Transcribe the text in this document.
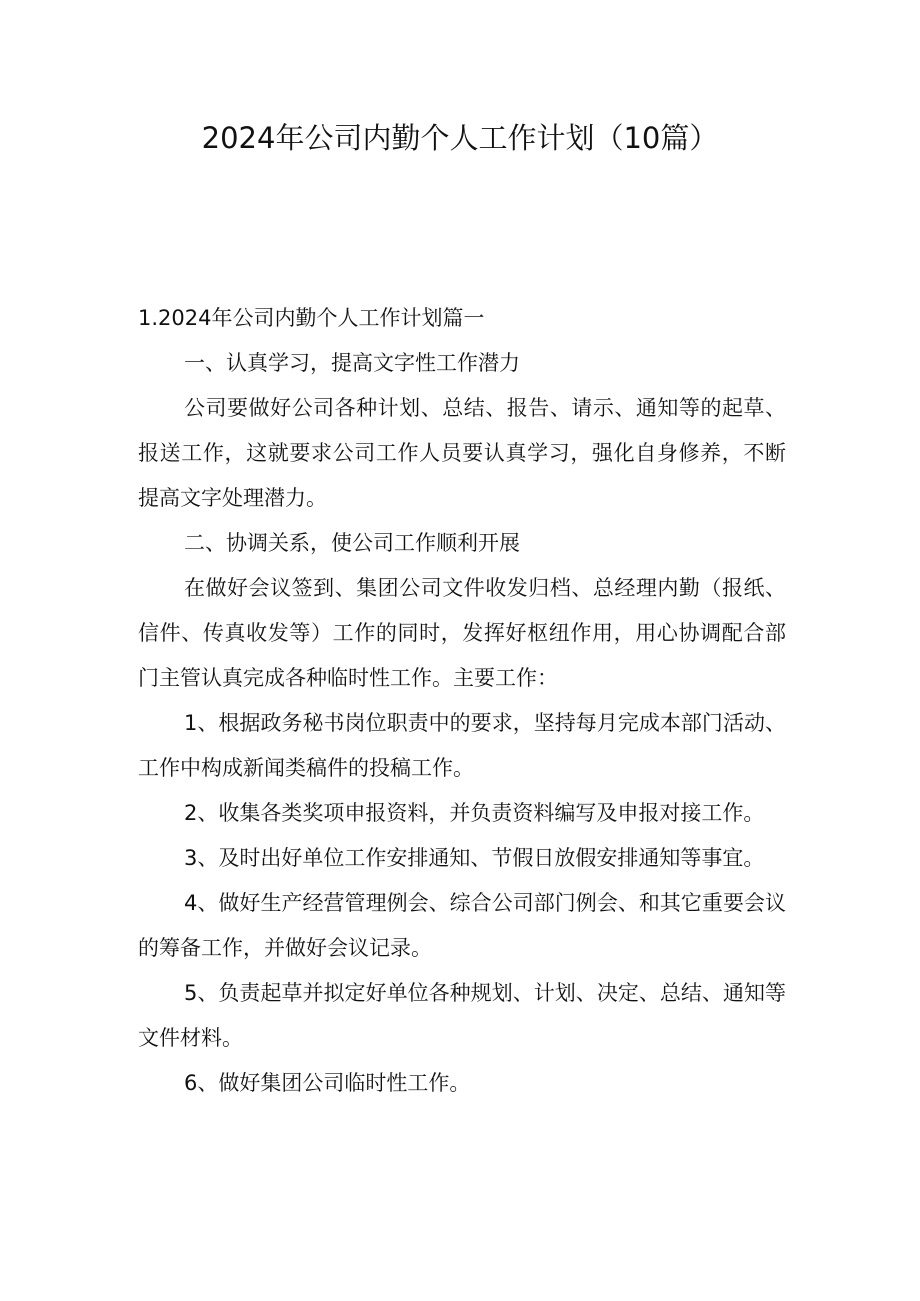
2024年公司内勤个人工作计划（10篇）

1.2024年公司内勤个人工作计划篇一

一、认真学习，提高文字性工作潜力

公司要做好公司各种计划、总结、报告、请示、通知等的起草、报送工作，这就要求公司工作人员要认真学习，强化自身修养，不断提高文字处理潜力。

二、协调关系，使公司工作顺利开展

在做好会议签到、集团公司文件收发归档、总经理内勤（报纸、信件、传真收发等）工作的同时，发挥好枢纽作用，用心协调配合部门主管认真完成各种临时性工作。主要工作：

1、根据政务秘书岗位职责中的要求，坚持每月完成本部门活动、工作中构成新闻类稿件的投稿工作。

2、收集各类奖项申报资料，并负责资料编写及申报对接工作。

3、及时出好单位工作安排通知、节假日放假安排通知等事宜。

4、做好生产经营管理例会、综合公司部门例会、和其它重要会议的筹备工作，并做好会议记录。

5、负责起草并拟定好单位各种规划、计划、决定、总结、通知等文件材料。

6、做好集团公司临时性工作。
